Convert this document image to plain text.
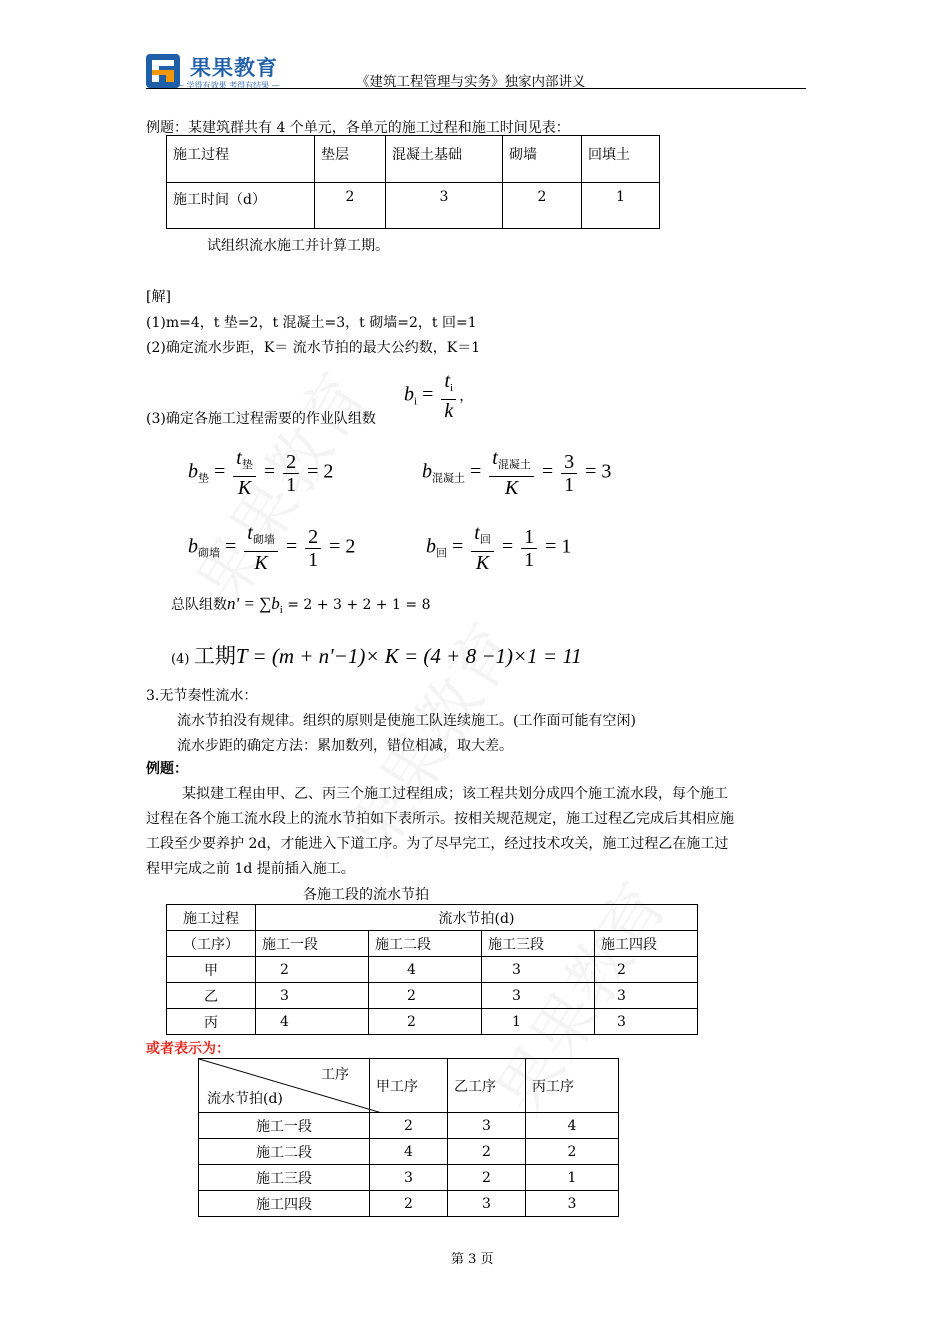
果果教育
— 学得有效果 考得有结果 —	《建筑工程管理与实务》独家内部讲义
例题：某建筑群共有 4 个单元，各单元的施工过程和施工时间见表：
施工过程	垫层	混凝土基础	砌墙	回填土
施工时间（d）	2	3	2	1
试组织流水施工并计算工期。
[解]
(1)m=4，t 垫=2，t 混凝土=3，t 砌墙=2，t 回=1
(2)确定流水步距，K＝ 流水节拍的最大公约数，K＝1
(3)确定各施工过程需要的作业队组数
$b_i = \frac{t_i}{k}$ ，
$b_垫 = \frac{t_垫}{K} = \frac{2}{1} = 2$	$b_{混凝土} = \frac{t_{混凝土}}{K} = \frac{3}{1} = 3$
$b_{砌墙} = \frac{t_{砌墙}}{K} = \frac{2}{1} = 2$	$b_回 = \frac{t_回}{K} = \frac{1}{1} = 1$
总队组数$n' = \sum b_i = 2 + 3 + 2 + 1 = 8$
(4) 工期T = (m + n'−1)× K = (4 + 8 −1)×1 = 11
3.无节奏性流水：
流水节拍没有规律。组织的原则是使施工队连续施工。(工作面可能有空闲)
流水步距的确定方法：累加数列，错位相减，取大差。
例题：
某拟建工程由甲、乙、丙三个施工过程组成；该工程共划分成四个施工流水段，每个施工
过程在各个施工流水段上的流水节拍如下表所示。按相关规范规定，施工过程乙完成后其相应施
工段至少要养护 2d，才能进入下道工序。为了尽早完工，经过技术攻关，施工过程乙在施工过
程甲完成之前 1d 提前插入施工。
各施工段的流水节拍
施工过程	流水节拍(d)			
（工序）	施工一段	施工二段	施工三段	施工四段
甲	2	4	3	2
乙	3	2	3	3
丙	4	2	1	3
或者表示为：
工序
流水节拍(d)	甲工序	乙工序	丙工序
施工一段	2	3	4
施工二段	4	2	2
施工三段	3	2	1
施工四段	2	3	3
第 3 页
